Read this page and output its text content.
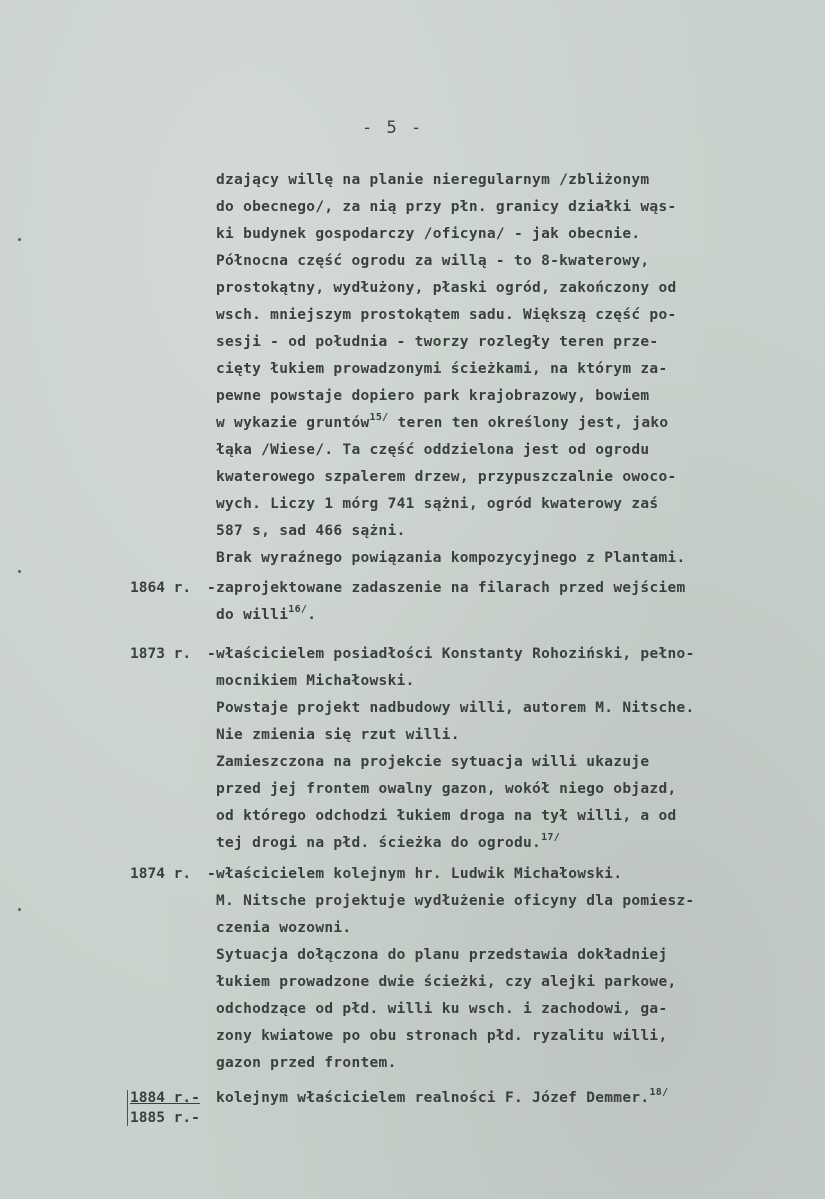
- 5 -
dzający willę na planie nieregularnym /zbliżonym
do obecnego/, za nią przy płn. granicy działki wąs-
ki budynek gospodarczy /oficyna/ - jak obecnie.
Północna część ogrodu za willą - to 8-kwaterowy,
prostokątny, wydłużony, płaski ogród, zakończony od
wsch. mniejszym prostokątem sadu. Większą część po-
sesji - od południa - tworzy rozległy teren prze-
cięty łukiem prowadzonymi ścieżkami, na którym za-
pewne powstaje dopiero park krajobrazowy, bowiem
w wykazie gruntów$^{15/}$ teren ten określony jest, jako
łąka /Wiese/. Ta część oddzielona jest od ogrodu
kwaterowego szpalerem drzew, przypuszczalnie owoco-
wych. Liczy 1 mórg 741 sążni, ogród kwaterowy zaś
587 s, sad 466 sążni.
Brak wyraźnego powiązania kompozycyjnego z Plantami.
1864 r. -zaprojektowane zadaszenie na filarach przed wejściem
do willi$^{16/}$.
1873 r. -właścicielem posiadłości Konstanty Rohoziński, pełno-
mocnikiem Michałowski.
Powstaje projekt nadbudowy willi, autorem M. Nitsche.
Nie zmienia się rzut willi.
Zamieszczona na projekcie sytuacja willi ukazuje
przed jej frontem owalny gazon, wokół niego objazd,
od którego odchodzi łukiem droga na tył willi, a od
tej drogi na płd. ścieżka do ogrodu.$^{17/}$
1874 r. -właścicielem kolejnym hr. Ludwik Michałowski.
M. Nitsche projektuje wydłużenie oficyny dla pomiesz-
czenia wozowni.
Sytuacja dołączona do planu przedstawia dokładniej
łukiem prowadzone dwie ścieżki, czy alejki parkowe,
odchodzące od płd. willi ku wsch. i zachodowi, ga-
zony kwiatowe po obu stronach płd. ryzalitu willi,
gazon przed frontem.
1884 r.- kolejnym właścicielem realności F. Józef Demmer.$^{18/}$
1885 r.-
